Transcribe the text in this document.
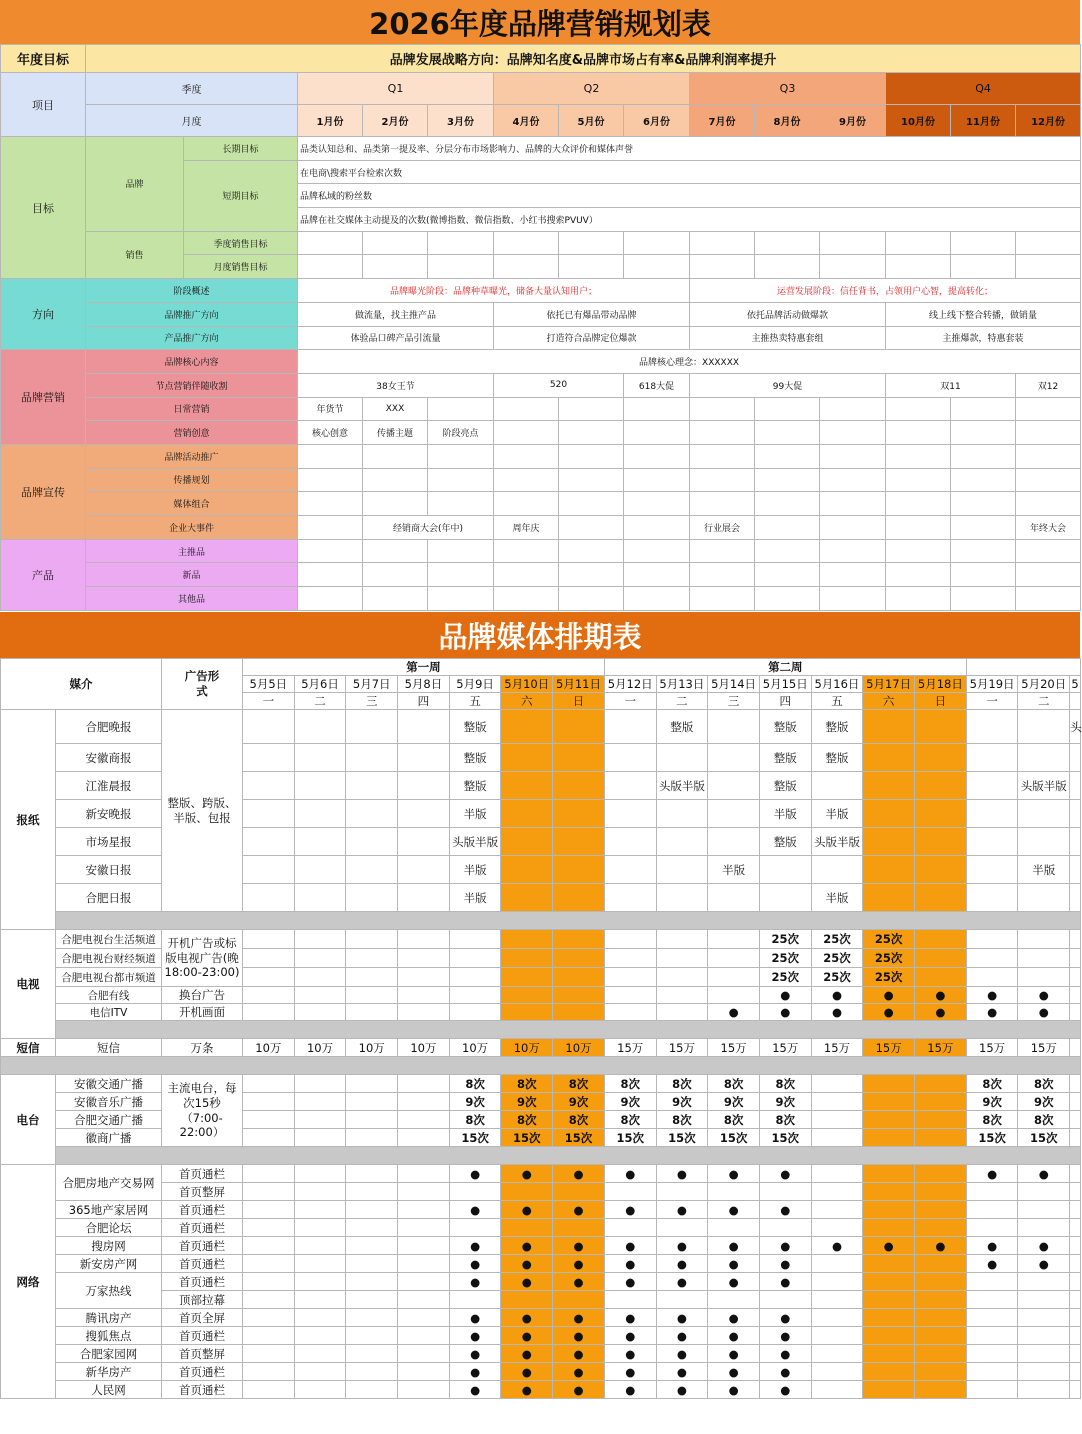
2026年度品牌营销规划表
年度目标	品牌发展战略方向：品牌知名度&品牌市场占有率&品牌利润率提升													
项目	季度		Q1			Q2			Q3			Q4		
	月度		1月份	2月份	3月份	4月份	5月份	6月份	7月份	8月份	9月份	10月份	11月份	12月份
目标	品牌	长期目标	品类认知总和、品类第一提及率、分层分布市场影响力、品牌的大众评价和媒体声誉											
		短期目标	在电商\搜索平台检索次数											
			品牌私域的粉丝数											
			品牌在社交媒体主动提及的次数(微博指数、微信指数、小红书搜索PVUV）											
	销售	季度销售目标												
		月度销售目标												
方向	阶段概述		品牌曝光阶段：品牌种草曝光，储备大量认知用户；						运营发展阶段：信任背书，占领用户心智，提高转化；					
	品牌推广方向		做流量，找主推产品			依托已有爆品带动品牌			依托品牌活动做爆款			线上线下整合转播，做销量		
	产品推广方向		体验品口碑产品引流量			打造符合品牌定位爆款			主推热卖特惠套组			主推爆款，特惠套装		
品牌营销	品牌核心内容		品牌核心理念：XXXXXX											
	节点营销伴随收割		38女王节			520		618大促	99大促			双11		双12
	日常营销		年货节	XXX										
	营销创意		核心创意	传播主题	阶段亮点									
品牌宣传	品牌活动推广													
	传播规划													
	媒体组合													
	企业大事件			经销商大会(年中)		周年庆			行业展会					年终大会
产品	主推品													
	新品													
	其他品													
品牌媒体排期表
媒介		广告形式	第一周							第二周									
			5月5日	5月6日	5月7日	5月8日	5月9日	5月10日	5月11日	5月12日	5月13日	5月14日	5月15日	5月16日	5月17日	5月18日	5月19日	5月20日	5
			一	二	三	四	五	六	日	一	二	三	四	五	六	日	一	二	
报纸	合肥晚报	整版、跨版、半版、包报					整版				整版		整版	整版					头
	安徽商报						整版						整版	整版					
	江淮晨报						整版				头版半版		整版					头版半版	
	新安晚报						半版						半版	半版					
	市场星报						头版半版						整版	头版半版					
	安徽日报						半版					半版						半版	
	合肥日报						半版							半版					

电视	合肥电视台生活频道	开机广告或标版电视广告(晚18:00-23:00)											25次	25次	25次				
	合肥电视台财经频道												25次	25次	25次				
	合肥电视台都市频道												25次	25次	25次				
	合肥有线	换台广告											●	●	●	●	●	●	
	电信ITV	开机画面										●	●	●	●	●	●	●	

短信	短信	万条	10万	10万	10万	10万	10万	10万	10万	15万	15万	15万	15万	15万	15万	15万	15万	15万	

电台	安徽交通广播	主流电台，每次15秒（7:00-22:00）					8次	8次	8次	8次	8次	8次	8次				8次	8次	
	安徽音乐广播						9次	9次	9次	9次	9次	9次	9次				9次	9次	
	合肥交通广播						8次	8次	8次	8次	8次	8次	8次				8次	8次	
	徽商广播						15次	15次	15次	15次	15次	15次	15次				15次	15次	

网络	合肥房地产交易网	首页通栏					●	●	●	●	●	●	●				●	●	
		首页整屏																	
	365地产家居网	首页通栏					●	●	●	●	●	●	●						
	合肥论坛	首页通栏																	
	搜房网	首页通栏					●	●	●	●	●	●	●	●	●	●	●	●	
	新安房产网	首页通栏					●	●	●	●	●	●	●				●	●	
	万家热线	首页通栏					●	●	●	●	●	●	●						
		顶部拉幕																	
	腾讯房产	首页全屏					●	●	●	●	●	●	●						
	搜狐焦点	首页通栏					●	●	●	●	●	●	●						
	合肥家园网	首页整屏					●	●	●	●	●	●	●						
	新华房产	首页通栏					●	●	●	●	●	●	●						
	人民网	首页通栏					●	●	●	●	●	●	●						
